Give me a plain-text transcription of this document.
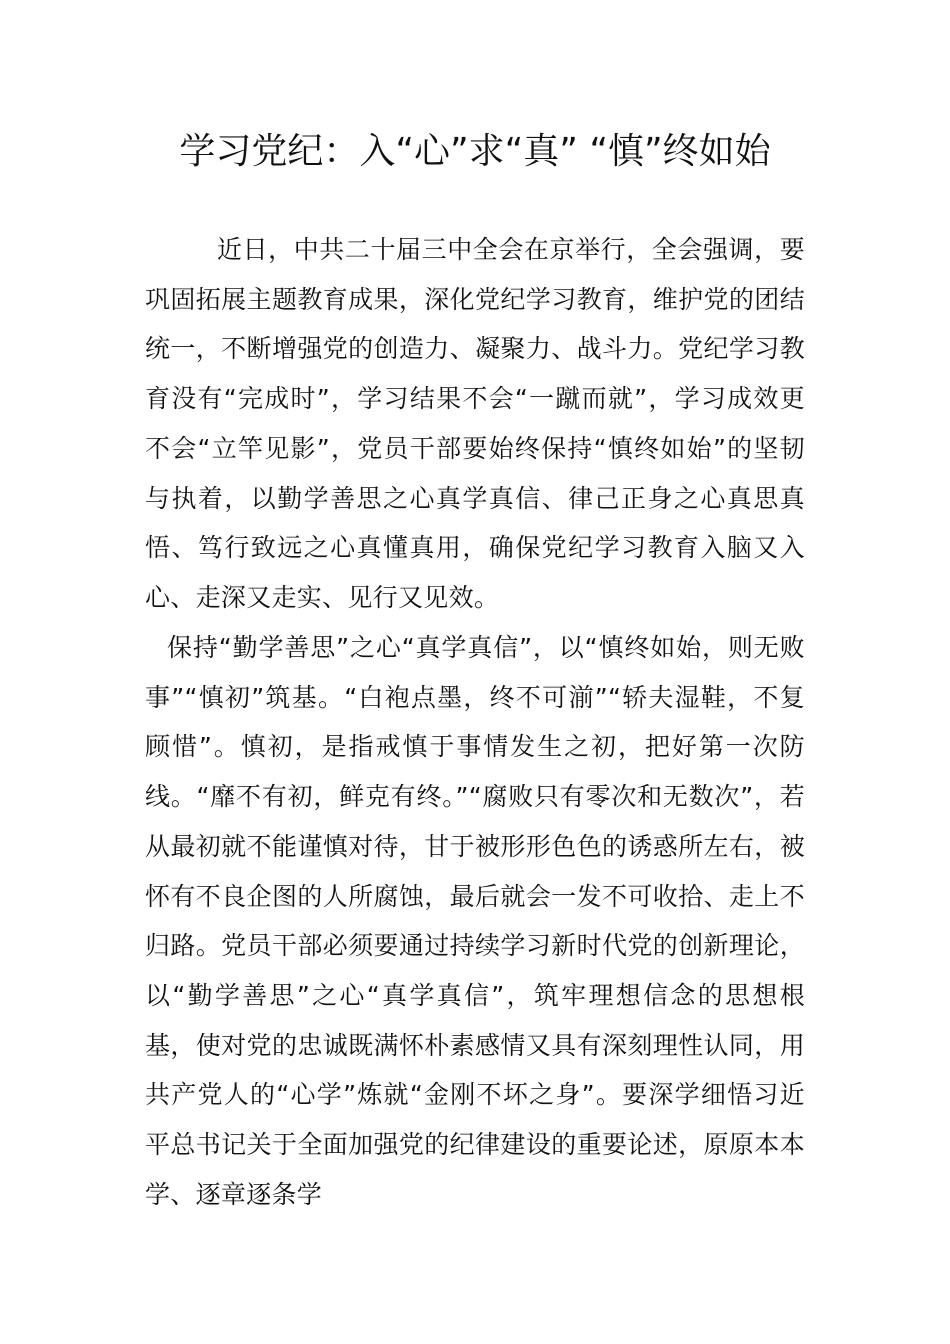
学习党纪：入“心”求“真” “慎”终如始

近日，中共二十届三中全会在京举行，全会强调，要巩固拓展主题教育成果，深化党纪学习教育，维护党的团结统一，不断增强党的创造力、凝聚力、战斗力。党纪学习教育没有“完成时”，学习结果不会“一蹴而就”，学习成效更不会“立竿见影”，党员干部要始终保持“慎终如始”的坚韧与执着，以勤学善思之心真学真信、律己正身之心真思真悟、笃行致远之心真懂真用，确保党纪学习教育入脑又入心、走深又走实、见行又见效。

保持“勤学善思”之心“真学真信”，以“慎终如始，则无败事”“慎初”筑基。“白袍点墨，终不可湔”“轿夫湿鞋，不复顾惜”。慎初，是指戒慎于事情发生之初，把好第一次防线。“靡不有初，鲜克有终。”“腐败只有零次和无数次”，若从最初就不能谨慎对待，甘于被形形色色的诱惑所左右，被怀有不良企图的人所腐蚀，最后就会一发不可收拾、走上不归路。党员干部必须要通过持续学习新时代党的创新理论，以“勤学善思”之心“真学真信”，筑牢理想信念的思想根基，使对党的忠诚既满怀朴素感情又具有深刻理性认同，用共产党人的“心学”炼就“金刚不坏之身”。要深学细悟习近平总书记关于全面加强党的纪律建设的重要论述，原原本本学、逐章逐条学
